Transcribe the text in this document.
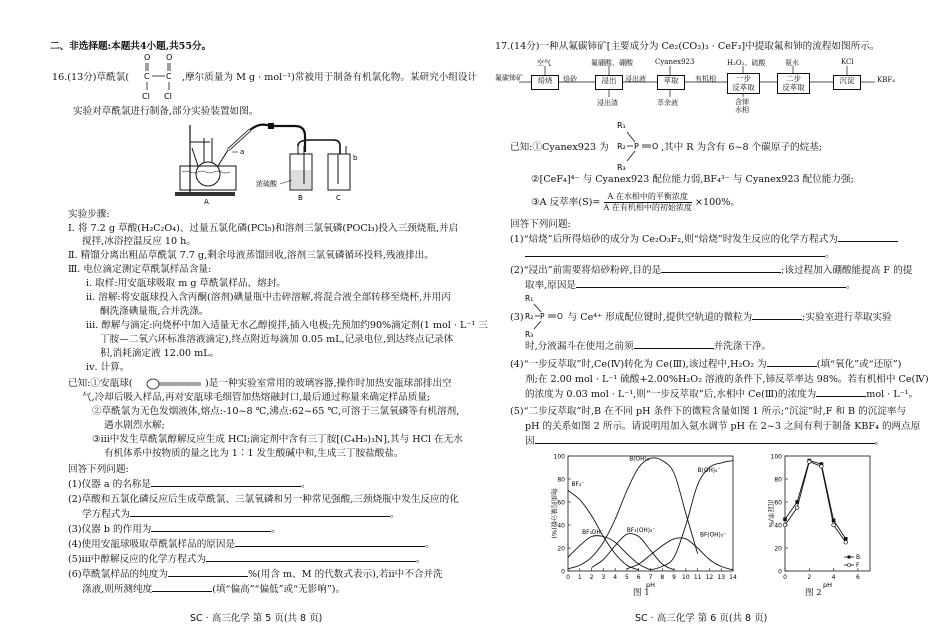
二、非选择题:本题共4小题,共55分。
16.(13分)草酰氯(
O O
C C
Cl Cl
,摩尔质量为 M g · mol⁻¹)常被用于制备有机氯化物。某研究小组设计
实验对草酰氯进行制备,部分实验装置如图。
a
b
浓硫酸
A	B	C
实验步骤:
Ⅰ. 将 7.2 g 草酸(H₂C₂O₄)、过量五氯化磷(PCl₅)和溶剂三氯氧磷(POCl₃)投入三颈烧瓶,并启
搅拌,冰浴控温反应 10 h。
Ⅱ. 精馏分离出粗品草酰氯 7.7 g,剩余母液蒸馏回收,溶剂三氯氧磷循环投料,残液排出。
Ⅲ. 电位滴定测定草酰氯样品含量:
ⅰ. 取样:用安瓿球吸取 m g 草酰氯样品、熔封。
ⅱ. 溶解:将安瓿球投入含丙酮(溶剂)碘量瓶中击碎溶解,将混合液全部转移至烧杯,并用丙
酮洗涤碘量瓶,合并洗涤。
ⅲ. 醇解与滴定:向烧杯中加入适量无水乙醇搅拌,插入电极;先预加约90%滴定剂(1 mol · L⁻¹ 三
丁胺—二氧六环标准溶液滴定),终点附近每滴加 0.05 mL,记录电位,到达终点记录体
积,消耗滴定液 12.00 mL。
ⅳ. 计算。
已知:①安瓿球(	)是一种实验室常用的玻璃容器,操作时加热安瓿球部排出空
气,冷却后吸入样品,再对安瓿球毛细管加热熔融封口,最后通过称量来确定样品质量;
②草酰氯为无色发烟液体,熔点:-10~8 ℃,沸点:62~65 ℃,可溶于三氯氧磷等有机溶剂,
遇水剧烈水解;
③ⅲ中发生草酰氯醇解反应生成 HCl;滴定剂中含有三丁胺[(C₄H₉)₃N],其与 HCl 在无水
有机体系中按物质的量之比为 1∶1 发生酸碱中和,生成三丁胺盐酸盐。
回答下列问题:
(1)仪器 a 的名称是	。
(2)草酸和五氯化磷反应后生成草酰氯、三氯氧磷和另一种常见强酸,三颈烧瓶中发生反应的化
学方程式为	。
(3)仪器 b 的作用为	。
(4)使用安瓿球吸取草酰氯样品的原因是	。
(5)ⅲ中醇解反应的化学方程式为	。
(6)草酰氯样品的纯度为	%(用含 m、M 的代数式表示),若ⅱ中不合并洗
涤液,则所测纯度	(填“偏高”“偏低”或“无影响”)。
SC · 高三化学 第 5 页(共 8 页)
17.(14分)一种从氟碳铈矿[主要成分为 Ce₂(CO₃)₃ · CeF₃]中提取氟和铈的流程如图所示。
氟碳铈矿
空气
焙烧	焙砂
氟硼酸、硼酸
浸出
浸出渣
浸出液
Cyanex923
萃取
萃余液
有机相
H₂O₂、硫酸
一步
反萃取
含铈
水相
氨水
二步
反萃取
KCl
沉淀	KBF₄
已知:①Cyanex923 为
R₁
R₂ P O
R₃
,其中 R 为含有 6~8 个碳原子的烷基;
②[CeF₄]⁴⁻ 与 Cyanex923 配位能力弱,BF₄³⁻ 与 Cyanex923 配位能力强;
③A 反萃率$(S)= \frac{\text{A 在水相中的平衡浓度}}{\text{A 在有机相中的初始浓度}} \times 100\%$。
回答下列问题:
(1)“焙烧”后所得焙砂的成分为 Ce₂O₃F₂,则“焙烧”时发生反应的化学方程式为
。
(2)“浸出”前需要将焙砂粉碎,目的是	;该过程加入硼酸能提高 F 的提
取率,原因是	。
(3)	与 Ce⁴⁺ 形成配位键时,提供空轨道的微粒为	;实验室进行萃取实验
R₁
R₂ P O
R₃
时,分液漏斗在使用之前须	并洗涤干净。
(4)“一步反萃取”时,Ce(Ⅳ)转化为 Ce(Ⅲ),该过程中,H₂O₂ 为	(填“氧化”或“还原”)
剂;在 2.00 mol · L⁻¹ 硫酸+2.00%H₂O₂ 溶液的条件下,铈反萃率达 98%。若有机相中 Ce(Ⅳ)
的浓度为 0.03 mol · L⁻¹,则“一步反萃取”后,水相中 Ce(Ⅲ)的浓度为	mol · L⁻¹。
(5)“二步反萃取”时,B 在不同 pH 条件下的微粒含量如图 1 所示;“沉淀”时,F 和 B 的沉淀率与
pH 的关系如图 2 所示。请说明用加入氨水调节 pH 在 2~3 之间有利于制备 KBF₄ 的两点原
因	。
0
20
40
60
80
100
0 1 2 3 4 5 6 7 8 9 10 11 12 13 14
pH
物质的量分数(%)
BF₄⁻
B(OH)₃
B(OH)₄⁻
BF₃OH⁻	BF₂(OH)₂⁻
BF(OH)₃⁻
图 1
0
20
40
60
80
100
0	2	4	6
pH
沉淀率/%
B
F
图 2
SC · 高三化学 第 6 页(共 8 页)
